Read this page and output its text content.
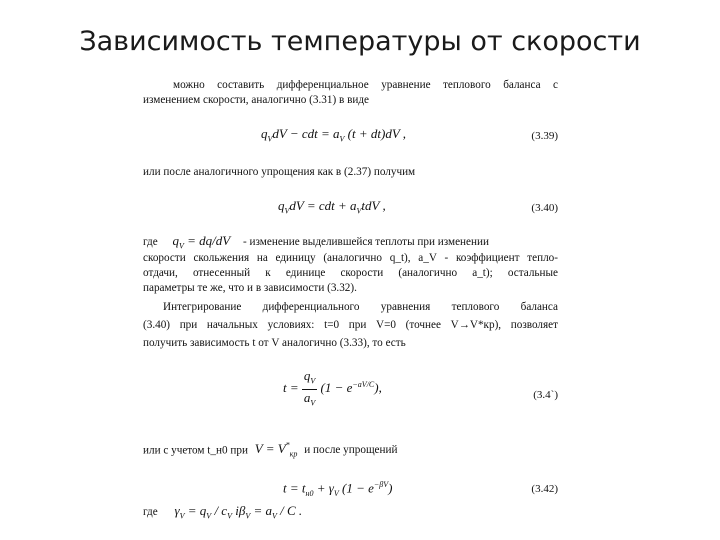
Зависимость температуры от скорости
можно составить дифференциальное уравнение теплового баланса с
изменением скорости, аналогично (3.31) в виде
$q_VdV$ − cdt = $a_V$ (t + dt)dV ,	(3.39)
или после аналогичного упрощения как в (2.37) получим
$q_VdV$ = cdt + $a_VtdV$ ,	(3.40)
где $q_V = dq/dV$ - изменение выделившейся теплоты при изменении
скорости скольжения на единицу (аналогично q_t), a_V - коэффициент тепло-
отдачи, отнесенный к единице скорости (аналогично a_t); остальные
параметры те же, что и в зависимости (3.32).
Интегрирование дифференциального уравнения теплового баланса
(3.40) при начальных условиях: t=0 при V=0 (точнее V→V*кр), позволяет
получить зависимость t от V аналогично (3.33), то есть
$t = \frac{q_V}{a_V} (1 - e^{-aV/C})$,	(3.4`)
или с учетом t_н0 при $V = V^*_{кр}$ и после упрощений
$t = t_{н0} + \gamma_V$ $(1 - e^{-\beta V})$	(3.42)
где $\gamma_V = q_V / c_V$ $i\beta_V = a_V / C$ .
